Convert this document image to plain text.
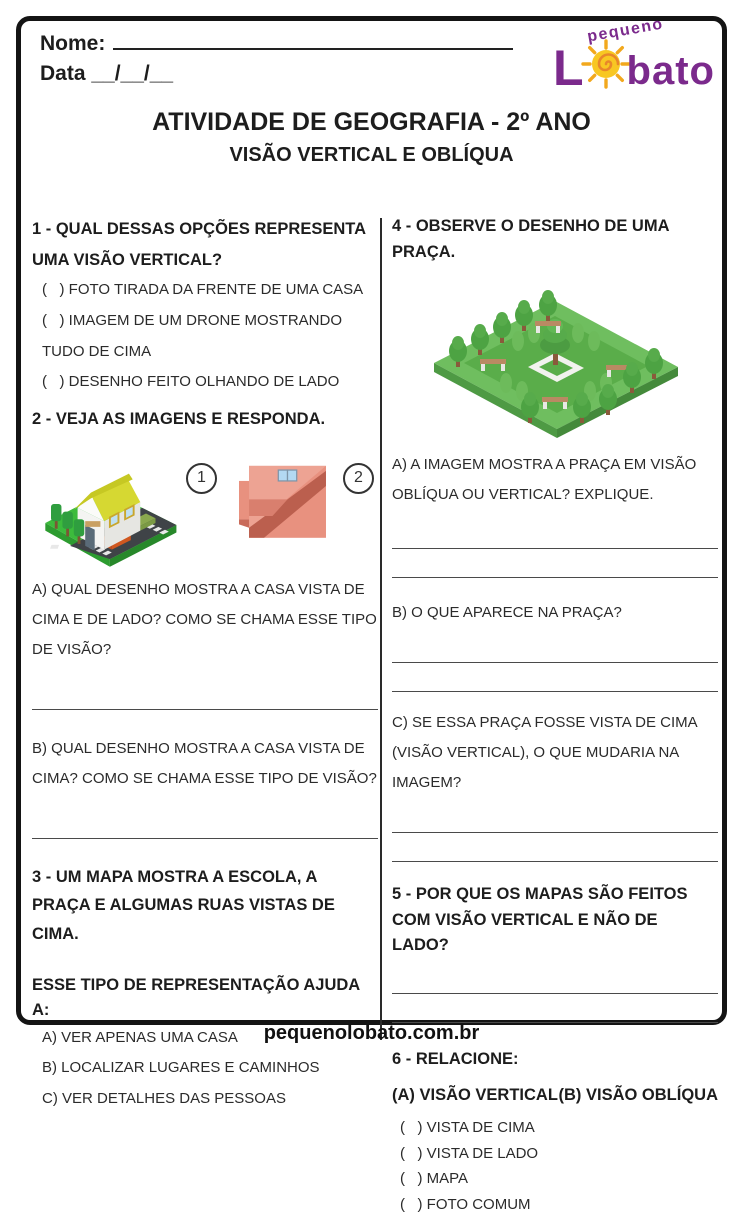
Nome:
Data __/__/__
pequeno
L bato
ATIVIDADE DE GEOGRAFIA - 2º ANO
VISÃO VERTICAL E OBLÍQUA
1 - QUAL DESSAS OPÇÕES REPRESENTA UMA VISÃO VERTICAL?
(   ) FOTO TIRADA DA FRENTE DE UMA CASA
(   ) IMAGEM DE UM DRONE MOSTRANDO TUDO DE CIMA
(   ) DESENHO FEITO OLHANDO DE LADO
2 - VEJA AS IMAGENS E RESPONDA.
1	2
A) QUAL DESENHO MOSTRA A CASA VISTA DE CIMA E DE LADO? COMO SE CHAMA ESSE TIPO DE VISÃO?
B) QUAL DESENHO MOSTRA A CASA VISTA DE CIMA? COMO SE CHAMA ESSE TIPO DE VISÃO?
3 - UM MAPA MOSTRA A ESCOLA, A PRAÇA E ALGUMAS RUAS VISTAS DE CIMA.
ESSE TIPO DE REPRESENTAÇÃO AJUDA A:
A) VER APENAS UMA CASA
B) LOCALIZAR LUGARES E CAMINHOS
C) VER DETALHES DAS PESSOAS
4 - OBSERVE O DESENHO DE UMA PRAÇA.
A) A IMAGEM MOSTRA A PRAÇA EM VISÃO OBLÍQUA OU VERTICAL? EXPLIQUE.
B) O QUE APARECE NA PRAÇA?
C) SE ESSA PRAÇA FOSSE VISTA DE CIMA (VISÃO VERTICAL), O QUE MUDARIA NA IMAGEM?
5 - POR QUE OS MAPAS SÃO FEITOS COM VISÃO VERTICAL E NÃO DE LADO?
6 - RELACIONE:
(A) VISÃO VERTICAL (B) VISÃO OBLÍQUA
(   ) VISTA DE CIMA
(   ) VISTA DE LADO
(   ) MAPA
(   ) FOTO COMUM
pequenolobato.com.br
